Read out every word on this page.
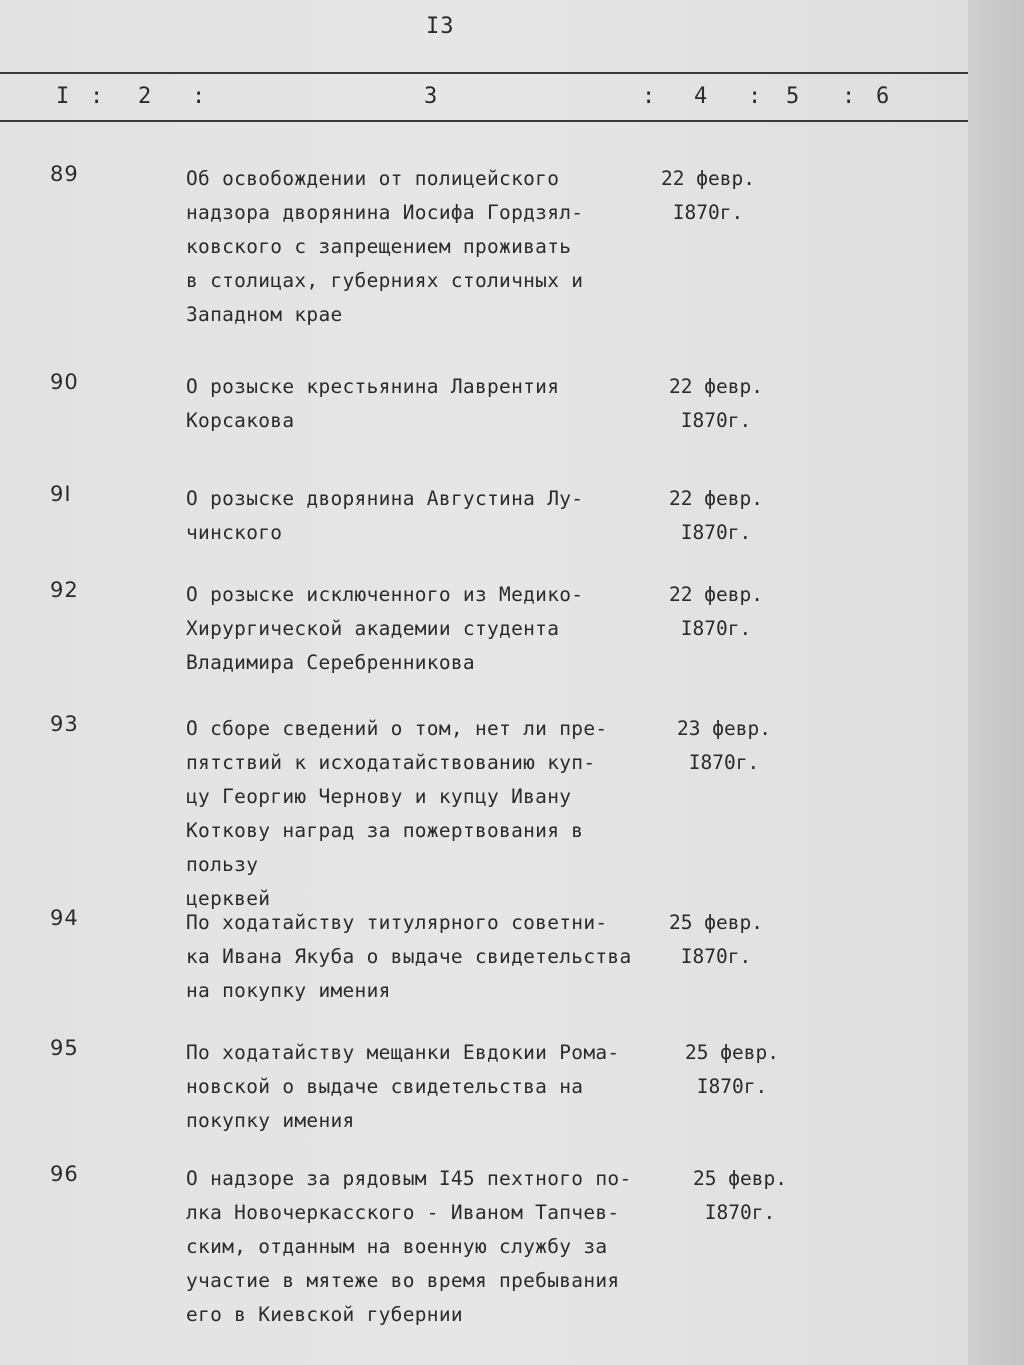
I3
I : 2 :	3	: 4 : 5 : 6
89	Об освобождении от полицейского
надзора дворянина Иосифа Гордзял-
ковского с запрещением проживать
в столицах, губерниях столичных и
Западном крае
22 февр.
I870г.
90	О розыске крестьянина Лаврентия
Корсакова
22 февр.
I870г.
9I	О розыске дворянина Августина Лу-
чинского
22 февр.
I870г.
92	О розыске исключенного из Медико-
Хирургической академии студента
Владимира Серебренникова
22 февр.
I870г.
93	О сборе сведений о том, нет ли пре-
пятствий к исходатайствованию куп-
цу Георгию Чернову и купцу Ивану
Коткову наград за пожертвования в пользу
церквей
23 февр.
I870г.
94	По ходатайству титулярного советни-
ка Ивана Якуба о выдаче свидетельства
на покупку имения
25 февр.
I870г.
95	По ходатайству мещанки Евдокии Рома-
новской о выдаче свидетельства на
покупку имения
25 февр.
I870г.
96	О надзоре за рядовым I45 пехтного по-
лка Новочеркасского - Иваном Тапчев-
ским, отданным на военную службу за
участие в мятеже во время пребывания
его в Киевской губернии
25 февр.
I870г.
